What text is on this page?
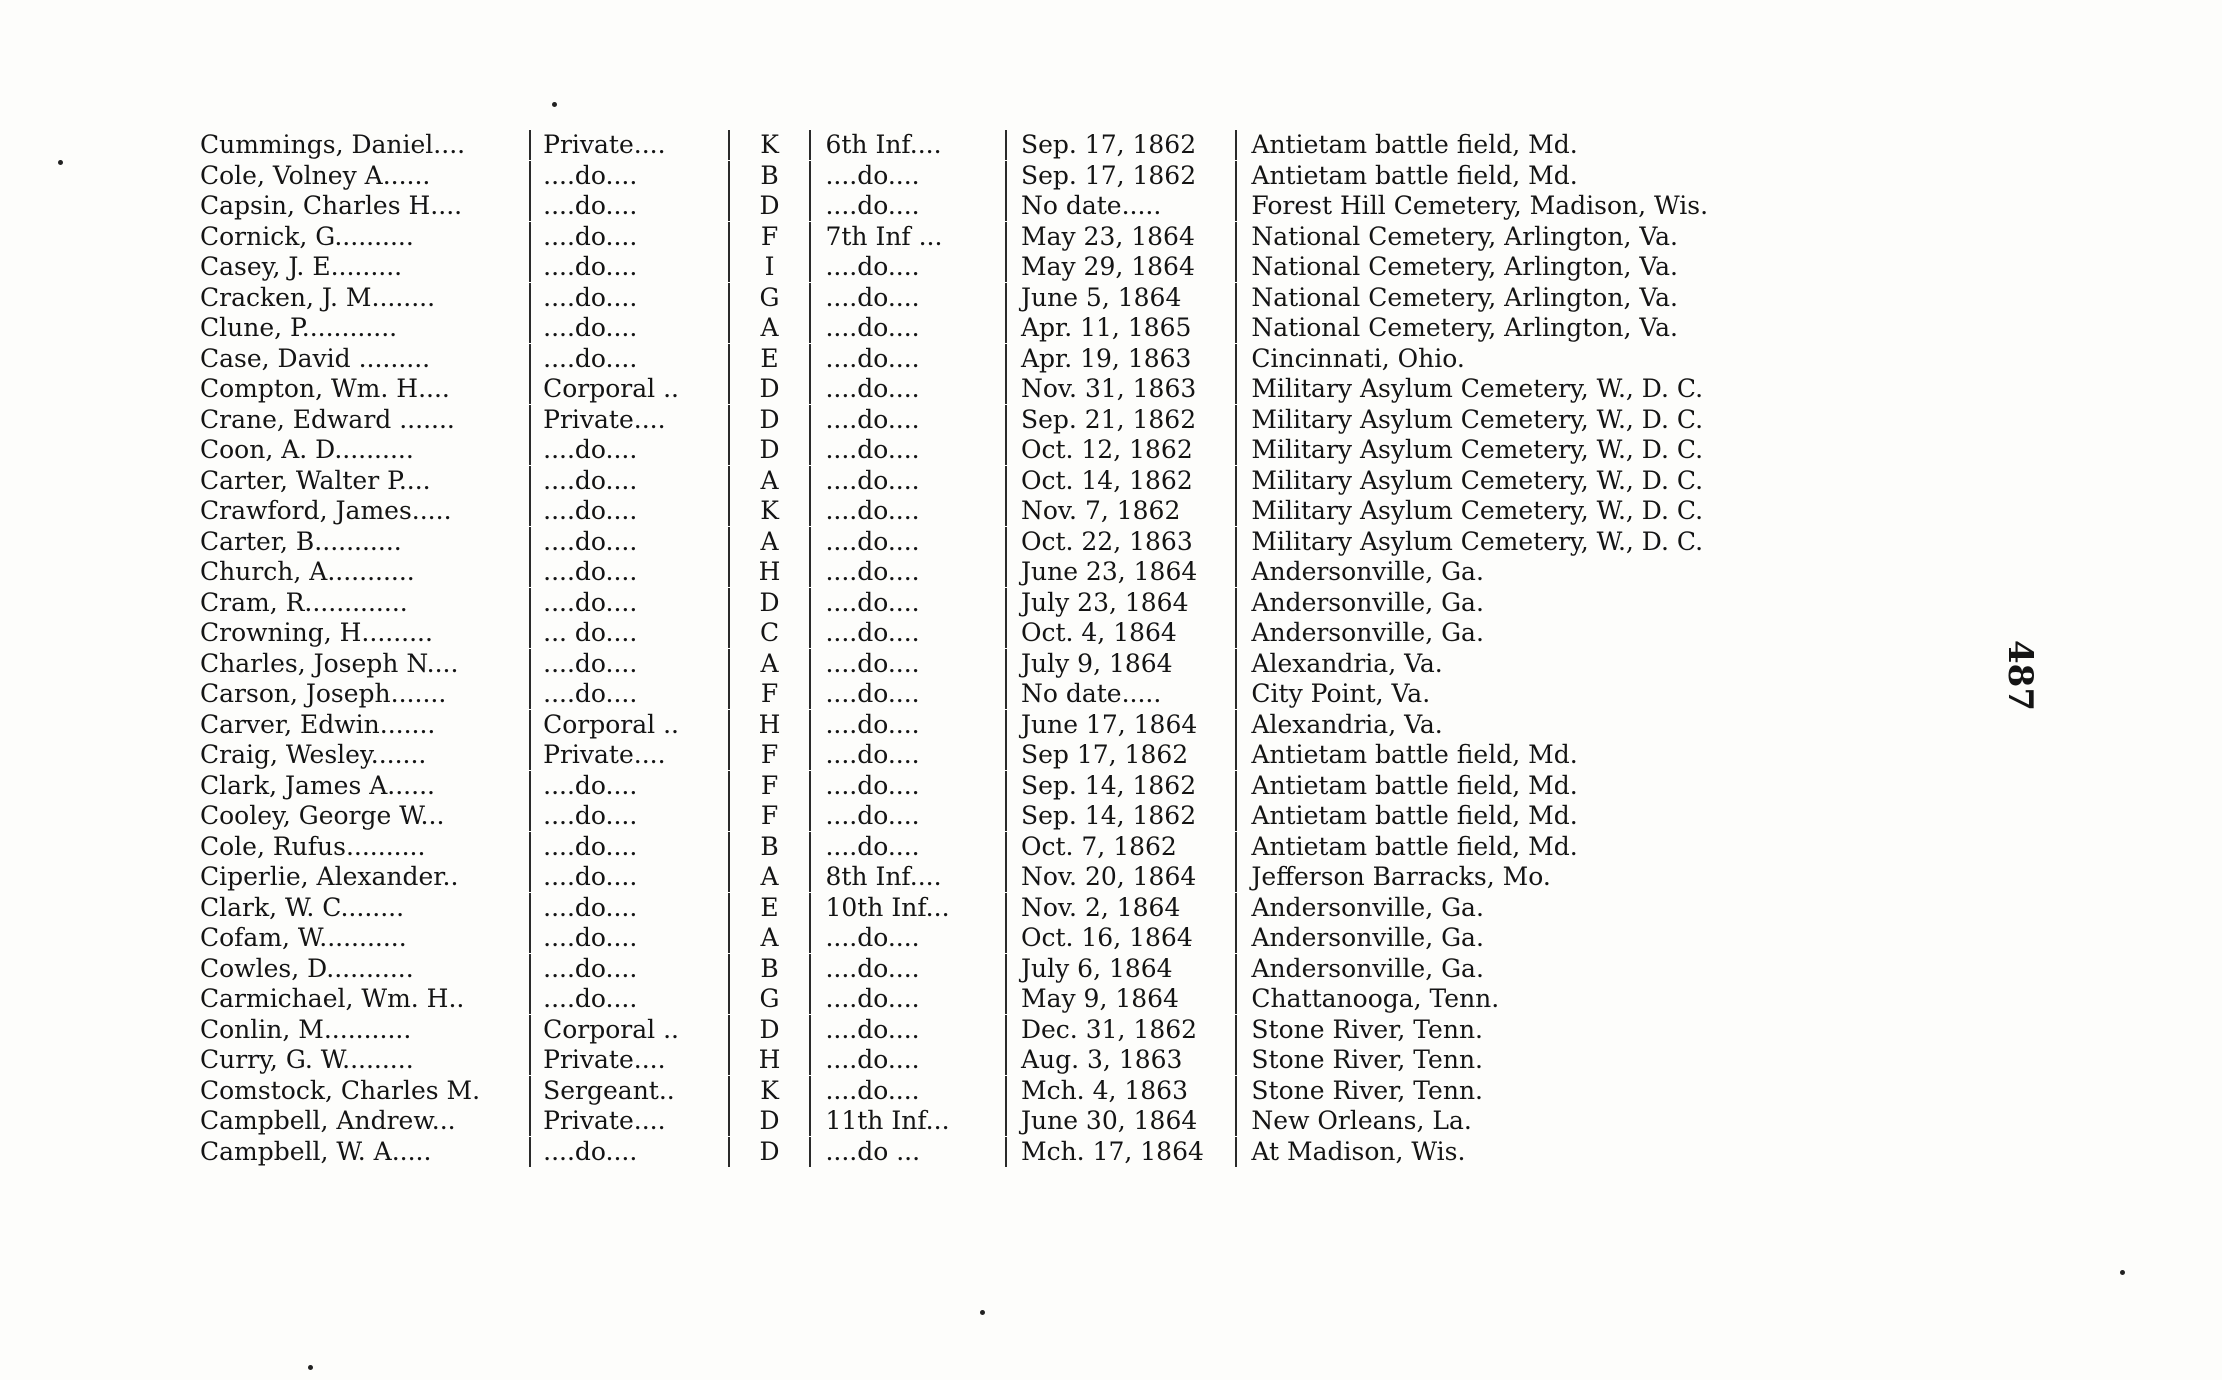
Cummings, Daniel....	Private....	K	6th Inf....	Sep. 17, 1862	Antietam battle field, Md.
Cole, Volney A......	....do....	B	....do....	Sep. 17, 1862	Antietam battle field, Md.
Capsin, Charles H....	....do....	D	....do....	No date.....	Forest Hill Cemetery, Madison, Wis.
Cornick, G..........	....do....	F	7th Inf ...	May 23, 1864	National Cemetery, Arlington, Va.
Casey, J. E.........	....do....	I	....do....	May 29, 1864	National Cemetery, Arlington, Va.
Cracken, J. M........	....do....	G	....do....	June 5, 1864	National Cemetery, Arlington, Va.
Clune, P............	....do....	A	....do....	Apr. 11, 1865	National Cemetery, Arlington, Va.
Case, David .........	....do....	E	....do....	Apr. 19, 1863	Cincinnati, Ohio.
Compton, Wm. H....	Corporal ..	D	....do....	Nov. 31, 1863	Military Asylum Cemetery, W., D. C.
Crane, Edward .......	Private....	D	....do....	Sep. 21, 1862	Military Asylum Cemetery, W., D. C.
Coon, A. D..........	....do....	D	....do....	Oct. 12, 1862	Military Asylum Cemetery, W., D. C.
Carter, Walter P....	....do....	A	....do....	Oct. 14, 1862	Military Asylum Cemetery, W., D. C.
Crawford, James.....	....do....	K	....do....	Nov. 7, 1862	Military Asylum Cemetery, W., D. C.
Carter, B...........	....do....	A	....do....	Oct. 22, 1863	Military Asylum Cemetery, W., D. C.
Church, A...........	....do....	H	....do....	June 23, 1864	Andersonville, Ga.
Cram, R.............	....do....	D	....do....	July 23, 1864	Andersonville, Ga.
Crowning, H.........	... do....	C	....do....	Oct. 4, 1864	Andersonville, Ga.
Charles, Joseph N....	....do....	A	....do....	July 9, 1864	Alexandria, Va.
Carson, Joseph.......	....do....	F	....do....	No date.....	City Point, Va.
Carver, Edwin.......	Corporal ..	H	....do....	June 17, 1864	Alexandria, Va.
Craig, Wesley.......	Private....	F	....do....	Sep 17, 1862	Antietam battle field, Md.
Clark, James A......	....do....	F	....do....	Sep. 14, 1862	Antietam battle field, Md.
Cooley, George W...	....do....	F	....do....	Sep. 14, 1862	Antietam battle field, Md.
Cole, Rufus..........	....do....	B	....do....	Oct. 7, 1862	Antietam battle field, Md.
Ciperlie, Alexander..	....do....	A	8th Inf....	Nov. 20, 1864	Jefferson Barracks, Mo.
Clark, W. C........	....do....	E	10th Inf...	Nov. 2, 1864	Andersonville, Ga.
Cofam, W...........	....do....	A	....do....	Oct. 16, 1864	Andersonville, Ga.
Cowles, D...........	....do....	B	....do....	July 6, 1864	Andersonville, Ga.
Carmichael, Wm. H..	....do....	G	....do....	May 9, 1864	Chattanooga, Tenn.
Conlin, M...........	Corporal ..	D	....do....	Dec. 31, 1862	Stone River, Tenn.
Curry, G. W.........	Private....	H	....do....	Aug. 3, 1863	Stone River, Tenn.
Comstock, Charles M.	Sergeant..	K	....do....	Mch. 4, 1863	Stone River, Tenn.
Campbell, Andrew...	Private....	D	11th Inf...	June 30, 1864	New Orleans, La.
Campbell, W. A.....	....do....	D	....do ...	Mch. 17, 1864	At Madison, Wis.
487
